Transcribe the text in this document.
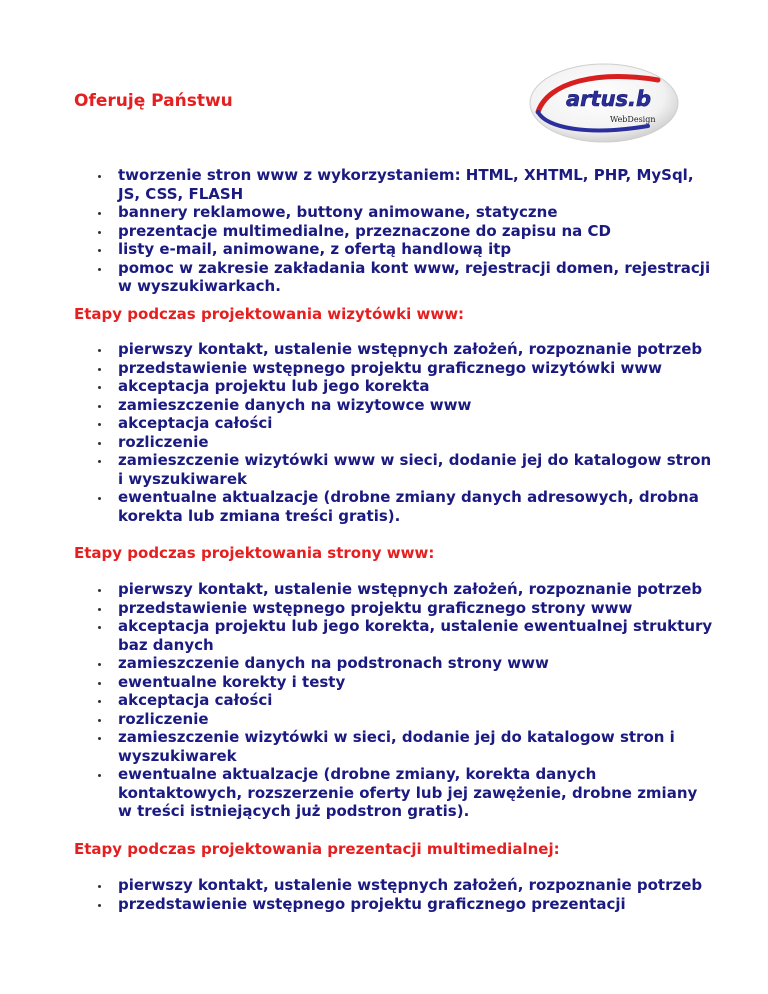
Oferuję Państwu	artus.b
WebDesign
tworzenie stron www z wykorzystaniem: HTML, XHTML, PHP, MySql, JS, CSS, FLASH
bannery reklamowe, buttony animowane, statyczne
prezentacje multimedialne, przeznaczone do zapisu na CD
listy e-mail, animowane, z ofertą handlową itp
pomoc w zakresie zakładania kont www, rejestracji domen, rejestracji w wyszukiwarkach.
Etapy podczas projektowania wizytówki www:
pierwszy kontakt, ustalenie wstępnych założeń, rozpoznanie potrzeb
przedstawienie wstępnego projektu graficznego wizytówki www
akceptacja projektu lub jego korekta
zamieszczenie danych na wizytowce www
akceptacja całości
rozliczenie
zamieszczenie wizytówki www w sieci, dodanie jej do katalogow stron i wyszukiwarek
ewentualne aktualzacje (drobne zmiany danych adresowych, drobna korekta lub zmiana treści gratis).
Etapy podczas projektowania strony www:
pierwszy kontakt, ustalenie wstępnych założeń, rozpoznanie potrzeb
przedstawienie wstępnego projektu graficznego strony www
akceptacja projektu lub jego korekta, ustalenie ewentualnej struktury baz danych
zamieszczenie danych na podstronach strony www
ewentualne korekty i testy
akceptacja całości
rozliczenie
zamieszczenie wizytówki w sieci, dodanie jej do katalogow stron i wyszukiwarek
ewentualne aktualzacje (drobne zmiany, korekta danych kontaktowych, rozszerzenie oferty lub jej zawężenie, drobne zmiany w treści istniejących już podstron gratis).
Etapy podczas projektowania prezentacji multimedialnej:
pierwszy kontakt, ustalenie wstępnych założeń, rozpoznanie potrzeb
przedstawienie wstępnego projektu graficznego prezentacji
